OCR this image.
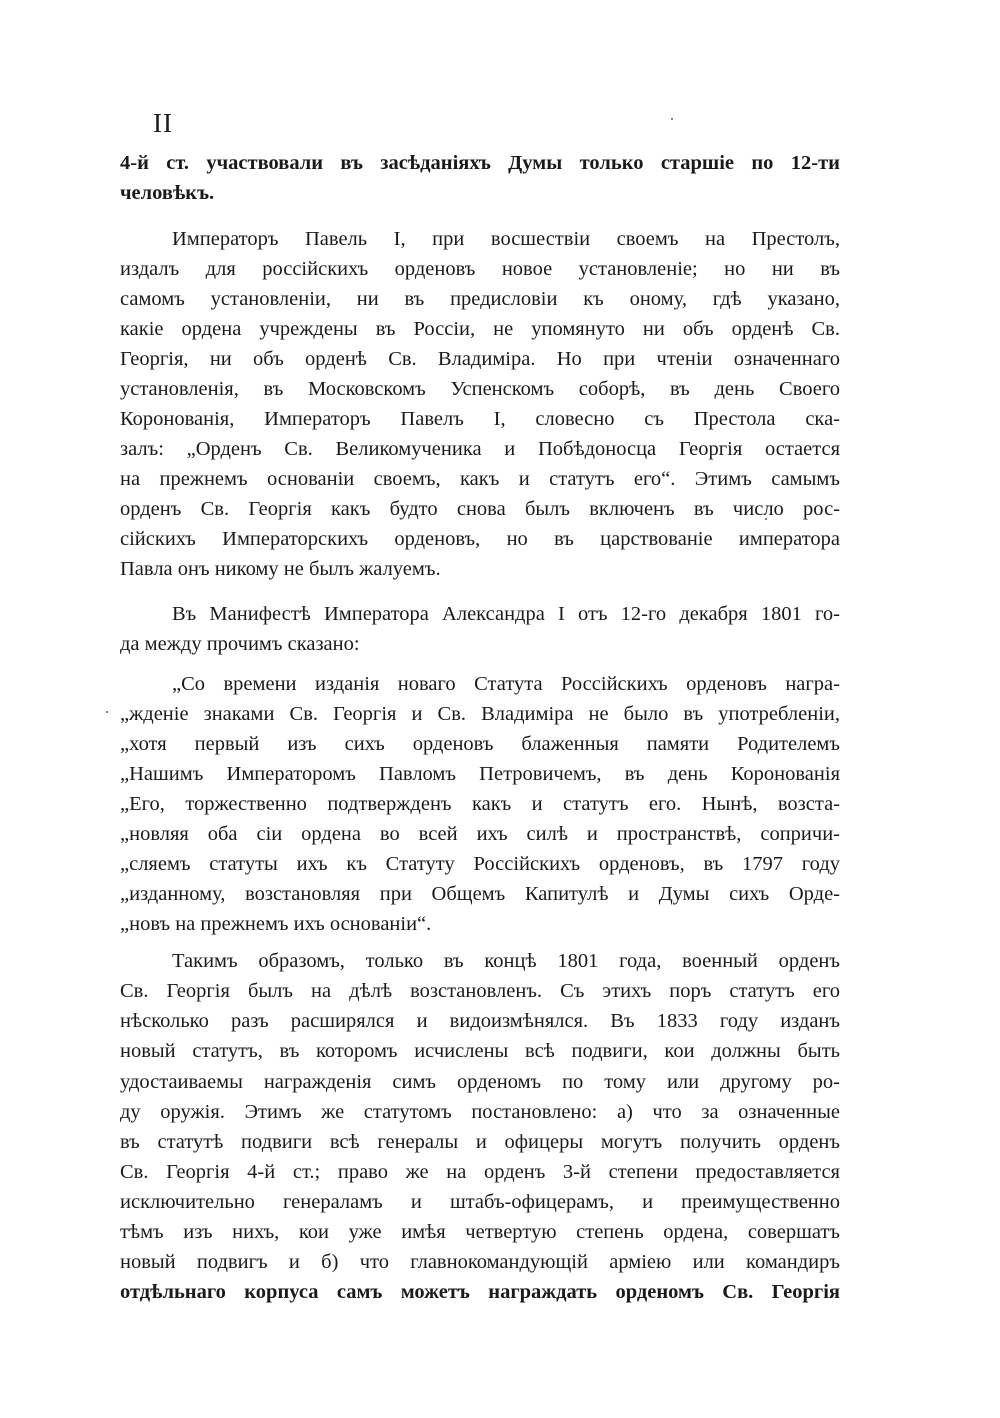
II
4-й ст. участвовали въ засѣданіяхъ Думы только старшіе по 12-ти
человѣкъ.
Императоръ Павель I, при восшествіи своемъ на Престолъ,
издалъ для россійскихъ орденовъ новое установленіе; но ни въ
самомъ установленіи, ни въ предисловіи къ оному, гдѣ указано,
какіе ордена учреждены въ Россіи, не упомянуто ни объ орденѣ Св.
Георгія, ни объ орденѣ Св. Владиміра. Но при чтеніи означеннаго
установленія, въ Московскомъ Успенскомъ соборѣ, въ день Своего
Коронованія, Императоръ Павелъ I, словесно съ Престола ска-
залъ: „Орденъ Св. Великомученика и Побѣдоносца Георгія остается
на прежнемъ основаніи своемъ, какъ и статутъ его“. Этимъ самымъ
орденъ Св. Георгія какъ будто снова былъ включенъ въ число рос-
сійскихъ Императорскихъ орденовъ, но въ царствованіе императора
Павла онъ никому не былъ жалуемъ.
Въ Манифестѣ Императора Александра I отъ 12-го декабря 1801 го-
да между прочимъ сказано:
„Со времени изданія новаго Статута Россійскихъ орденовъ награ-
„жденіе знаками Св. Георгія и Св. Владиміра не было въ употребленіи,
„хотя первый изъ сихъ орденовъ блаженныя памяти Родителемъ
„Нашимъ Императоромъ Павломъ Петровичемъ, въ день Коронованія
„Его, торжественно подтвержденъ какъ и статутъ его. Нынѣ, возста-
„новляя оба сіи ордена во всей ихъ силѣ и пространствѣ, сопричи-
„сляемъ статуты ихъ къ Статуту Россійскихъ орденовъ, въ 1797 году
„изданному, возстановляя при Общемъ Капитулѣ и Думы сихъ Орде-
„новъ на прежнемъ ихъ основаніи“.
Такимъ образомъ, только въ концѣ 1801 года, военный орденъ
Св. Георгія былъ на дѣлѣ возстановленъ. Съ этихъ поръ статутъ его
нѣсколько разъ расширялся и видоизмѣнялся. Въ 1833 году изданъ
новый статутъ, въ которомъ исчислены всѣ подвиги, кои должны быть
удостаиваемы награжденія симъ орденомъ по тому или другому ро-
ду оружія. Этимъ же статутомъ постановлено: а) что за означенные
въ статутѣ подвиги всѣ генералы и офицеры могутъ получить орденъ
Св. Георгія 4-й ст.; право же на орденъ 3-й степени предоставляется
исключительно генераламъ и штабъ-офицерамъ, и преимущественно
тѣмъ изъ нихъ, кои уже имѣя четвертую степень ордена, совершатъ
новый подвигъ и б) что главнокомандующій арміею или командиръ
отдѣльнаго корпуса самъ можетъ награждать орденомъ Св. Георгія
